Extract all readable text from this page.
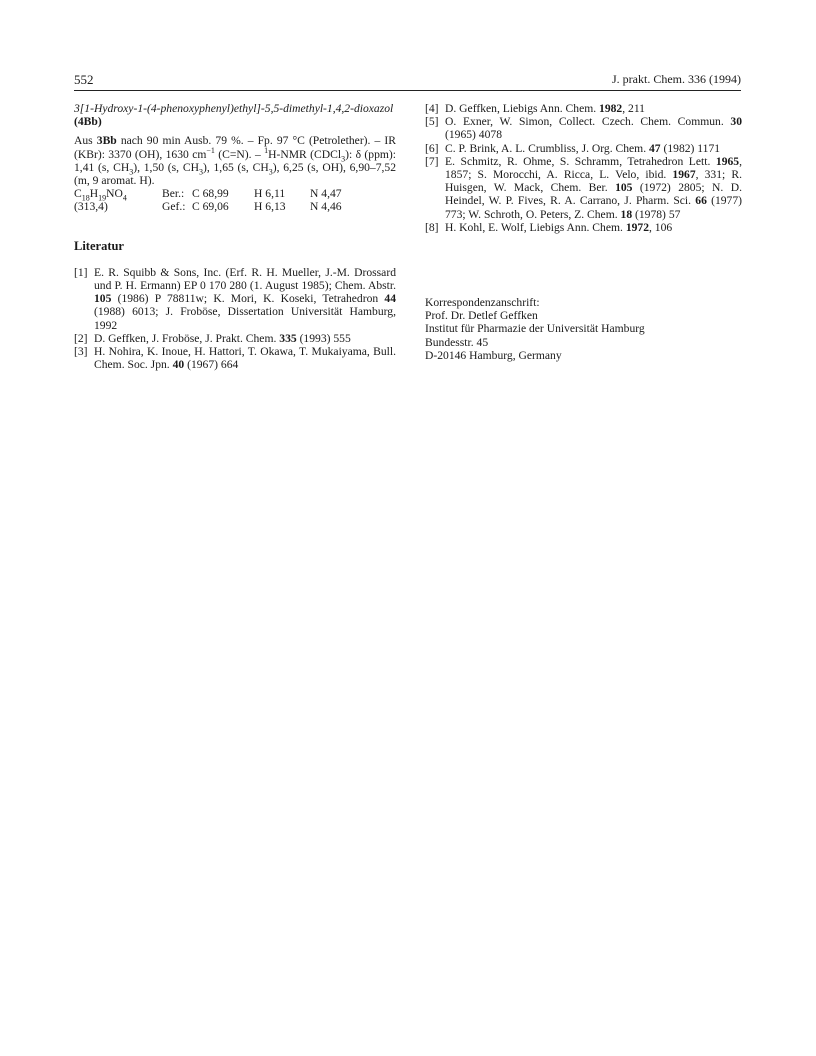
552	J. prakt. Chem. 336 (1994)

3[1-Hydroxy-1-(4-phenoxyphenyl)ethyl]-5,5-dimethyl-1,4,2-dioxazol (4Bb)

Aus 3Bb nach 90 min Ausb. 79 %. – Fp. 97 °C (Petrolether). – IR (KBr): 3370 (OH), 1630 $cm^{-1}$ (C=N). – $^1$H-NMR (CDCl$_3$): δ (ppm): 1,41 (s, $CH_3$), 1,50 (s, $CH_3$), 1,65 (s, $CH_3$), 6,25 (s, OH), 6,90–7,52 (m, 9 aromat. H).

$C_{18}H_{19}NO_4$	Ber.:	C 68,99	H 6,11	N 4,47
(313,4)	Gef.:	C 69,06	H 6,13	N 4,46
Literatur
[1] E. R. Squibb & Sons, Inc. (Erf. R. H. Mueller, J.-M. Drossard und P. H. Ermann) EP 0 170 280 (1. August 1985); Chem. Abstr. 105 (1986) P 78811w; K. Mori, K. Koseki, Tetrahedron 44 (1988) 6013; J. Froböse, Dissertation Universität Hamburg, 1992
[2] D. Geffken, J. Froböse, J. Prakt. Chem. 335 (1993) 555
[3] H. Nohira, K. Inoue, H. Hattori, T. Okawa, T. Mukaiyama, Bull. Chem. Soc. Jpn. 40 (1967) 664
[4] D. Geffken, Liebigs Ann. Chem. 1982, 211
[5] O. Exner, W. Simon, Collect. Czech. Chem. Commun. 30 (1965) 4078
[6] C. P. Brink, A. L. Crumbliss, J. Org. Chem. 47 (1982) 1171
[7] E. Schmitz, R. Ohme, S. Schramm, Tetrahedron Lett. 1965, 1857; S. Morocchi, A. Ricca, L. Velo, ibid. 1967, 331; R. Huisgen, W. Mack, Chem. Ber. 105 (1972) 2805; N. D. Heindel, W. P. Fives, R. A. Carrano, J. Pharm. Sci. 66 (1977) 773; W. Schroth, O. Peters, Z. Chem. 18 (1978) 57
[8] H. Kohl, E. Wolf, Liebigs Ann. Chem. 1972, 106
Korrespondenzanschrift:
Prof. Dr. Detlef Geffken
Institut für Pharmazie der Universität Hamburg
Bundesstr. 45
D-20146 Hamburg, Germany
